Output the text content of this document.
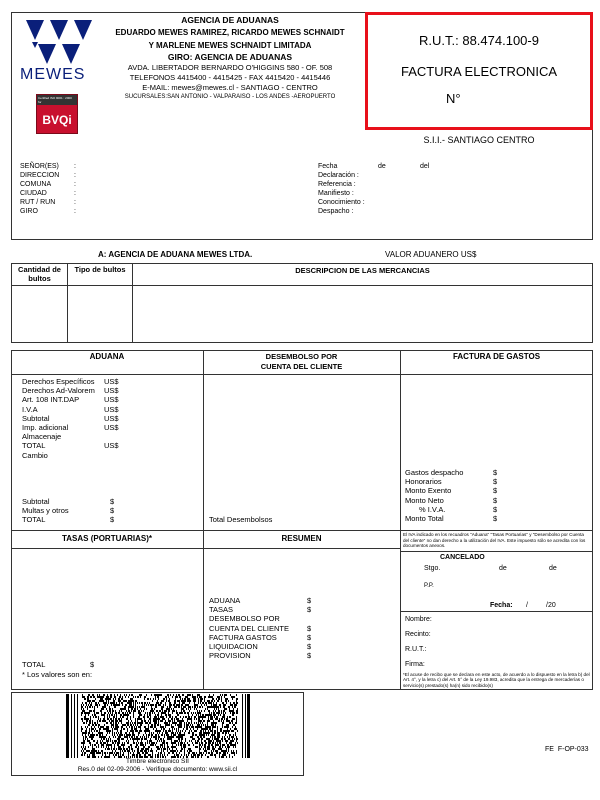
MEWES
Certified ISO 9001 : 2000 for
BVQi
AGENCIA DE ADUANAS
EDUARDO MEWES RAMIREZ, RICARDO MEWES SCHNAIDT
Y MARLENE MEWES SCHNAIDT LIMITADA
GIRO: AGENCIA DE ADUANAS
AVDA. LIBERTADOR BERNARDO O'HIGGINS 580 - OF. 508
TELEFONOS 4415400 - 4415425 - FAX 4415420 - 4415446
E-MAIL: mewes@mewes.cl - SANTIAGO - CENTRO
SUCURSALES:SAN ANTONIO - VALPARAISO - LOS ANDES -AEROPUERTO
R.U.T.: 88.474.100-9
FACTURA ELECTRONICA
N°
S.I.I.- SANTIAGO CENTRO
SEÑOR(ES)	:
DIRECCION	:
COMUNA	:
CIUDAD	:
RUT / RUN	:
GIRO	:
Fecha	de	del
Declaración :
Referencia :
Manifiesto :
Conocimiento :
Despacho :
A: AGENCIA DE ADUANA MEWES LTDA.	VALOR ADUANERO US$
Cantidad de bultos
Tipo de bultos	DESCRIPCION DE LAS MERCANCIAS
ADUANA	DESEMBOLSO POR
CUENTA DEL CLIENTE
FACTURA DE GASTOS
Derechos Específicos	US$
Derechos Ad-Valorem	US$
Art. 108 INT.DAP	US$
I.V.A	US$
Subtotal	US$
Imp. adicional	US$
Almacenaje
TOTAL	US$
Cambio
Subtotal	$
Multas y otros	$
TOTAL	$	Total Desembolsos
Gastos despacho	$
Honorarios	$
Monto Exento	$
Monto Neto	$
% I.V.A.	$
Monto Total	$
TASAS (PORTUARIAS)*
TOTAL	$
* Los valores son en:
RESUMEN
ADUANA	$
TASAS	$
DESEMBOLSO POR
CUENTA DEL CLIENTE	$
FACTURA GASTOS	$
LIQUIDACION	$
PROVISION	$
El IVA indicado en los recuadros "Aduana" "Tasas Portuarias" y "Desembolso por Cuenta del cliente" no dan derecho a la utilización del IVA. Este impuesto sólo se acredita con los documentos anexos.
CANCELADO
Stgo.	de	de
P.P.
Fecha:	/	/20
Nombre:
Recinto:
R.U.T.:
Firma:
*El acuse de recibo que se declara en este acto, de acuerdo a lo dispuesto en la letra b) del Art. 4°, y la letra c) del Art. 5° de la Ley 19.983, acredita que la entrega de mercaderías o servicio(s) prestado(s) ha(n) sido recibido(s)
Timbre electrónico SII
Res.0 del 02-09-2006 - Verifique documento: www.sii.cl
FE  F-OP-033
